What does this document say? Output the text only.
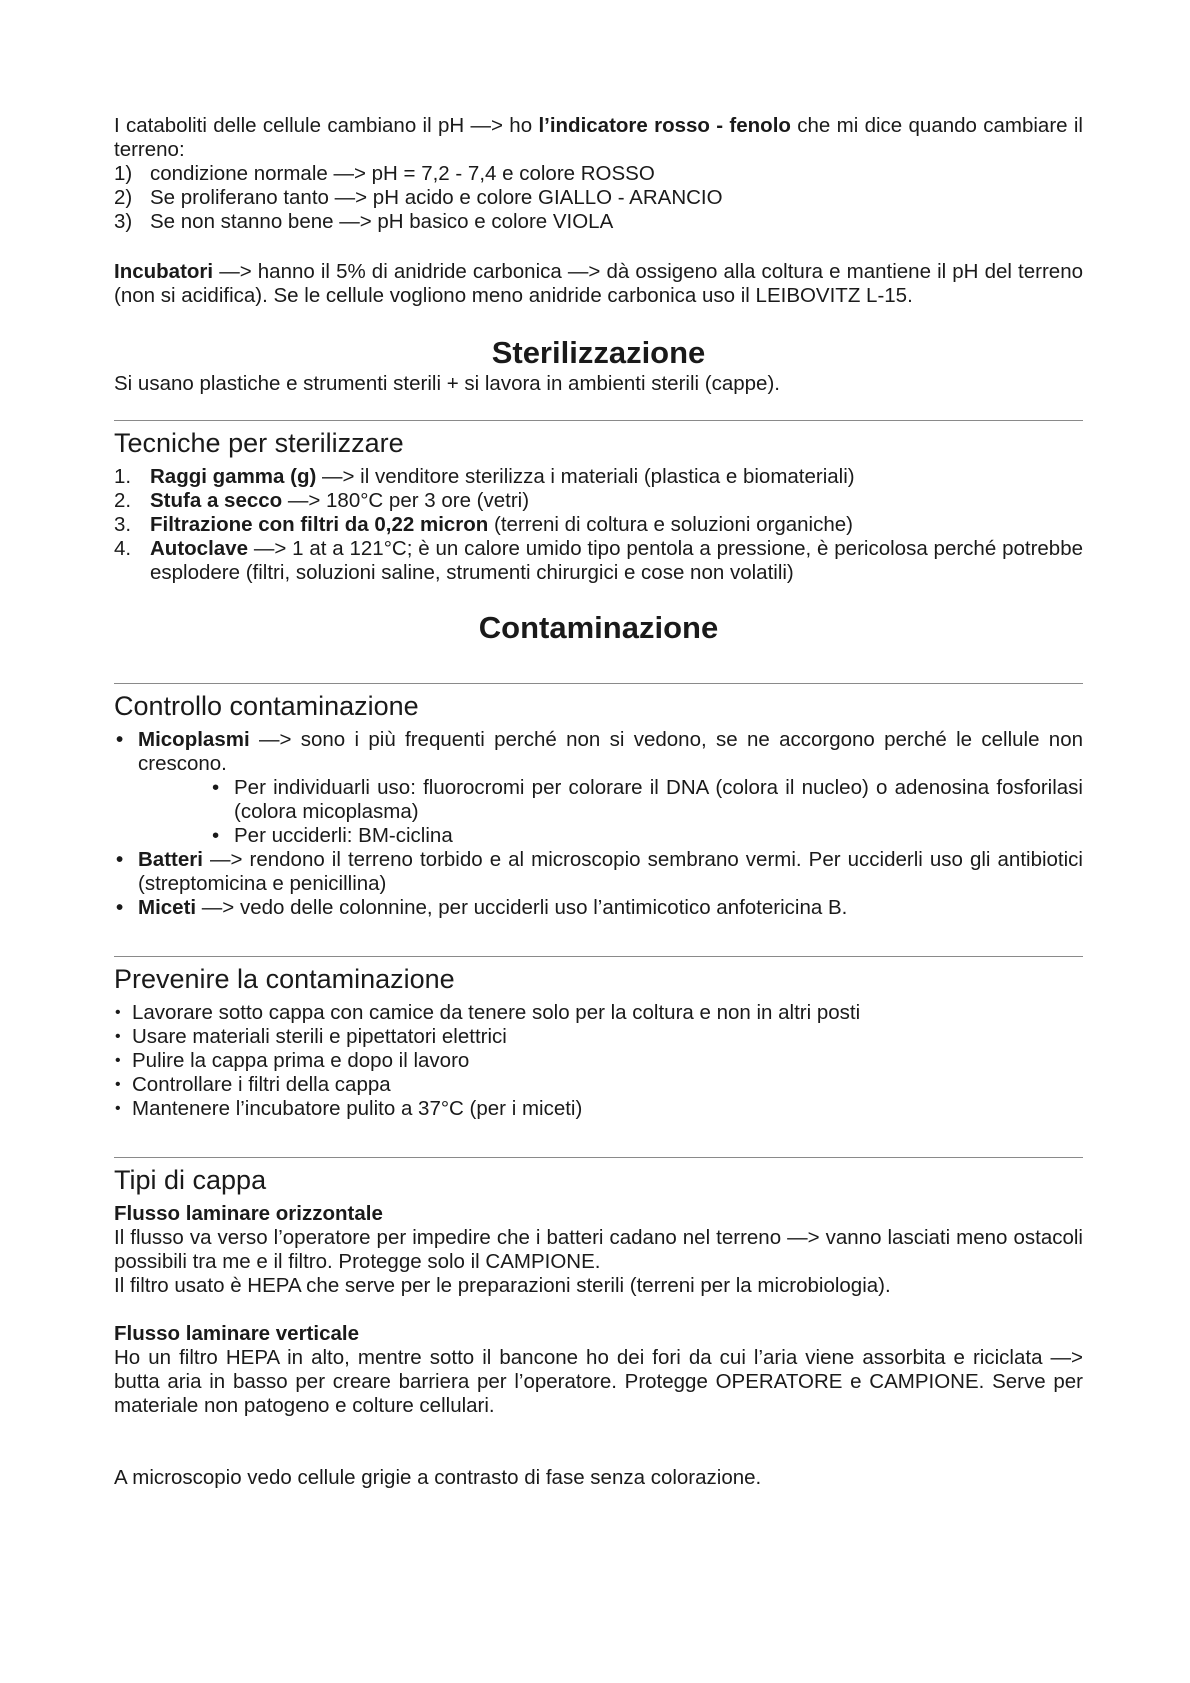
I cataboliti delle cellule cambiano il pH —> ho l’indicatore rosso - fenolo che mi dice quando cambiare il terreno:

1) condizione normale —> pH = 7,2 - 7,4 e colore ROSSO
2) Se proliferano tanto —> pH acido e colore GIALLO - ARANCIO
3) Se non stanno bene —> pH basico e colore VIOLA

Incubatori —> hanno il 5% di anidride carbonica —> dà ossigeno alla coltura e mantiene il pH del terreno (non si acidifica). Se le cellule vogliono meno anidride carbonica uso il LEIBOVITZ L-15.

Sterilizzazione

Si usano plastiche e strumenti sterili + si lavora in ambienti sterili (cappe).

Tecniche per sterilizzare
1. Raggi gamma (g) —> il venditore sterilizza i materiali (plastica e biomateriali)
2. Stufa a secco —> 180°C per 3 ore (vetri)
3. Filtrazione con filtri da 0,22 micron (terreni di coltura e soluzioni organiche)
4. Autoclave —> 1 at a 121°C; è un calore umido tipo pentola a pressione, è pericolosa perché potrebbe esplodere (filtri, soluzioni saline, strumenti chirurgici e cose non volatili)
Contaminazione
Controllo contaminazione
• Micoplasmi —> sono i più frequenti perché non si vedono, se ne accorgono perché le cellule non crescono.
• Per individuarli uso: fluorocromi per colorare il DNA (colora il nucleo) o adenosina fosforilasi (colora micoplasma)
• Per ucciderli: BM-ciclina
• Batteri —> rendono il terreno torbido e al microscopio sembrano vermi. Per ucciderli uso gli antibiotici (streptomicina e penicillina)
• Miceti —> vedo delle colonnine, per ucciderli uso l’antimicotico anfotericina B.
Prevenire la contaminazione
• Lavorare sotto cappa con camice da tenere solo per la coltura e non in altri posti
• Usare materiali sterili e pipettatori elettrici
• Pulire la cappa prima e dopo il lavoro
• Controllare i filtri della cappa
• Mantenere l’incubatore pulito a 37°C (per i miceti)
Tipi di cappa

Flusso laminare orizzontale

Il flusso va verso l’operatore per impedire che i batteri cadano nel terreno —> vanno lasciati meno ostacoli possibili tra me e il filtro. Protegge solo il CAMPIONE.

Il filtro usato è HEPA che serve per le preparazioni sterili (terreni per la microbiologia).

Flusso laminare verticale

Ho un filtro HEPA in alto, mentre sotto il bancone ho dei fori da cui l’aria viene assorbita e riciclata —> butta aria in basso per creare barriera per l’operatore. Protegge OPERATORE e CAMPIONE. Serve per materiale non patogeno e colture cellulari.

A microscopio vedo cellule grigie a contrasto di fase senza colorazione.
